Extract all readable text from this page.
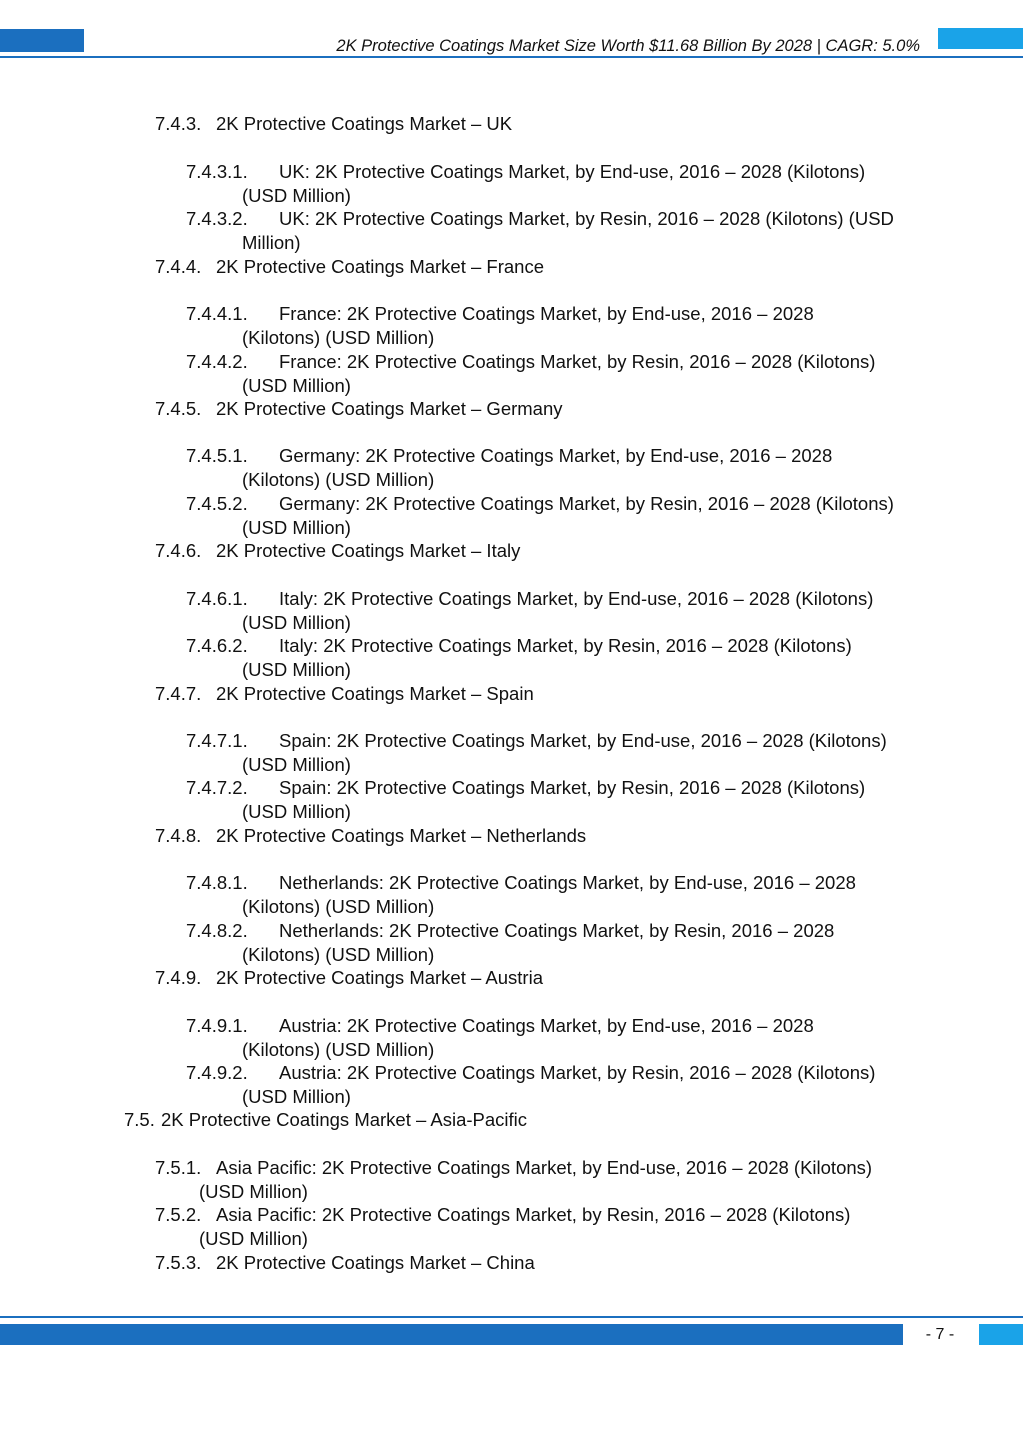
2K Protective Coatings Market Size Worth $11.68 Billion By 2028 | CAGR: 5.0%
7.4.3. 2K Protective Coatings Market – UK
7.4.3.1. UK: 2K Protective Coatings Market, by End-use, 2016 – 2028 (Kilotons)
(USD Million)
7.4.3.2. UK: 2K Protective Coatings Market, by Resin, 2016 – 2028 (Kilotons) (USD
Million)
7.4.4. 2K Protective Coatings Market – France
7.4.4.1. France: 2K Protective Coatings Market, by End-use, 2016 – 2028
(Kilotons) (USD Million)
7.4.4.2. France: 2K Protective Coatings Market, by Resin, 2016 – 2028 (Kilotons)
(USD Million)
7.4.5. 2K Protective Coatings Market – Germany
7.4.5.1. Germany: 2K Protective Coatings Market, by End-use, 2016 – 2028
(Kilotons) (USD Million)
7.4.5.2. Germany: 2K Protective Coatings Market, by Resin, 2016 – 2028 (Kilotons)
(USD Million)
7.4.6. 2K Protective Coatings Market – Italy
7.4.6.1. Italy: 2K Protective Coatings Market, by End-use, 2016 – 2028 (Kilotons)
(USD Million)
7.4.6.2. Italy: 2K Protective Coatings Market, by Resin, 2016 – 2028 (Kilotons)
(USD Million)
7.4.7. 2K Protective Coatings Market – Spain
7.4.7.1. Spain: 2K Protective Coatings Market, by End-use, 2016 – 2028 (Kilotons)
(USD Million)
7.4.7.2. Spain: 2K Protective Coatings Market, by Resin, 2016 – 2028 (Kilotons)
(USD Million)
7.4.8. 2K Protective Coatings Market – Netherlands
7.4.8.1. Netherlands: 2K Protective Coatings Market, by End-use, 2016 – 2028
(Kilotons) (USD Million)
7.4.8.2. Netherlands: 2K Protective Coatings Market, by Resin, 2016 – 2028
(Kilotons) (USD Million)
7.4.9. 2K Protective Coatings Market – Austria
7.4.9.1. Austria: 2K Protective Coatings Market, by End-use, 2016 – 2028
(Kilotons) (USD Million)
7.4.9.2. Austria: 2K Protective Coatings Market, by Resin, 2016 – 2028 (Kilotons)
(USD Million)
7.5. 2K Protective Coatings Market – Asia-Pacific
7.5.1. Asia Pacific: 2K Protective Coatings Market, by End-use, 2016 – 2028 (Kilotons)
(USD Million)
7.5.2. Asia Pacific: 2K Protective Coatings Market, by Resin, 2016 – 2028 (Kilotons)
(USD Million)
7.5.3. 2K Protective Coatings Market – China
- 7 -
